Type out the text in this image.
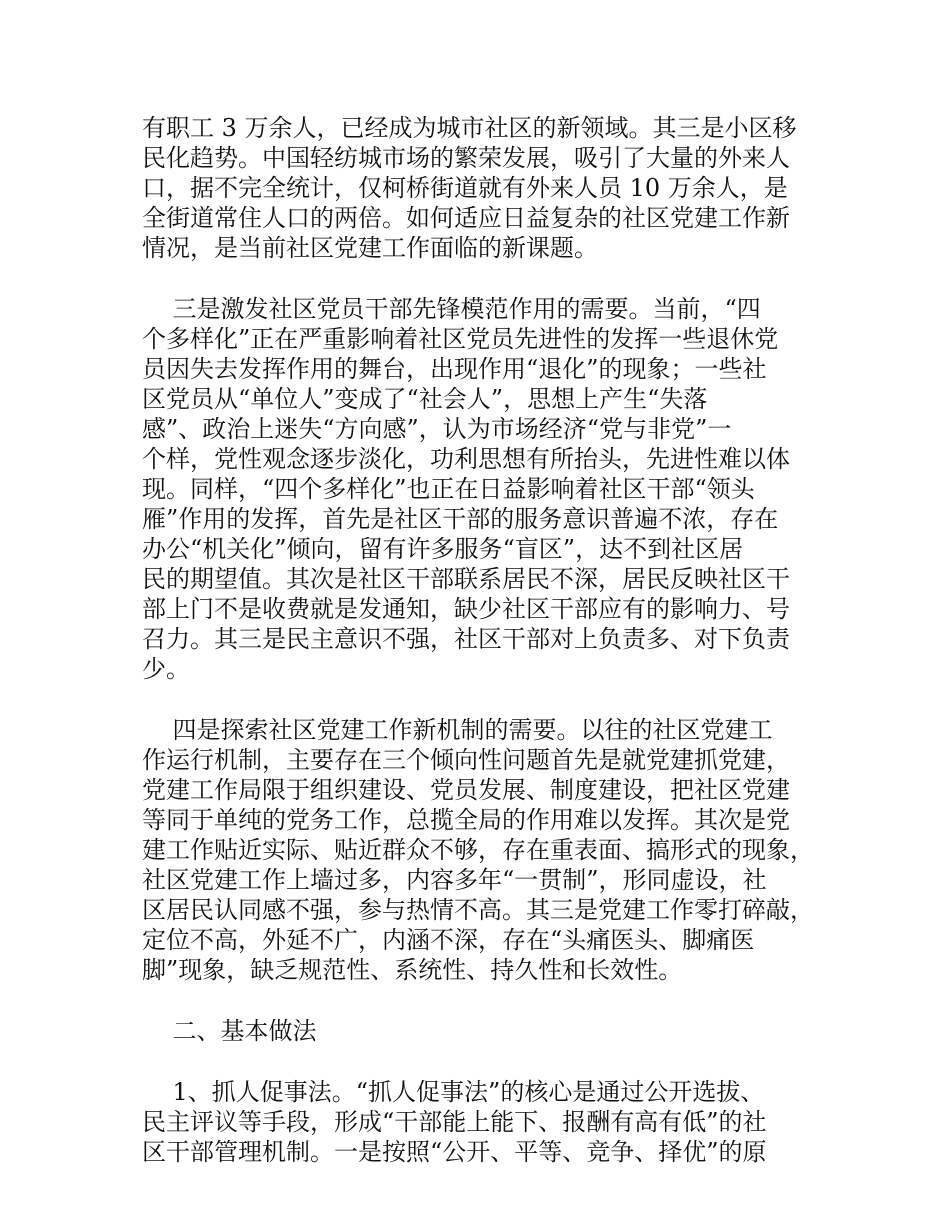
有职工 3 万余人，已经成为城市社区的新领域。其三是小区移
民化趋势。中国轻纺城市场的繁荣发展，吸引了大量的外来人
口，据不完全统计，仅柯桥街道就有外来人员 10 万余人，是
全街道常住人口的两倍。如何适应日益复杂的社区党建工作新
情况，是当前社区党建工作面临的新课题。
三是激发社区党员干部先锋模范作用的需要。当前，“四
个多样化”正在严重影响着社区党员先进性的发挥一些退休党
员因失去发挥作用的舞台，出现作用“退化”的现象；一些社
区党员从“单位人”变成了“社会人”，思想上产生“失落
感”、政治上迷失“方向感”，认为市场经济“党与非党”一
个样，党性观念逐步淡化，功利思想有所抬头，先进性难以体
现。同样，“四个多样化”也正在日益影响着社区干部“领头
雁”作用的发挥，首先是社区干部的服务意识普遍不浓，存在
办公“机关化”倾向，留有许多服务“盲区”，达不到社区居
民的期望值。其次是社区干部联系居民不深，居民反映社区干
部上门不是收费就是发通知，缺少社区干部应有的影响力、号
召力。其三是民主意识不强，社区干部对上负责多、对下负责
少。
四是探索社区党建工作新机制的需要。以往的社区党建工
作运行机制，主要存在三个倾向性问题首先是就党建抓党建，
党建工作局限于组织建设、党员发展、制度建设，把社区党建
等同于单纯的党务工作，总揽全局的作用难以发挥。其次是党
建工作贴近实际、贴近群众不够，存在重表面、搞形式的现象，
社区党建工作上墙过多，内容多年“一贯制”，形同虚设，社
区居民认同感不强，参与热情不高。其三是党建工作零打碎敲，
定位不高，外延不广，内涵不深，存在“头痛医头、脚痛医
脚”现象，缺乏规范性、系统性、持久性和长效性。
二、基本做法
1、抓人促事法。“抓人促事法”的核心是通过公开选拔、
民主评议等手段，形成“干部能上能下、报酬有高有低”的社
区干部管理机制。一是按照“公开、平等、竞争、择优”的原
